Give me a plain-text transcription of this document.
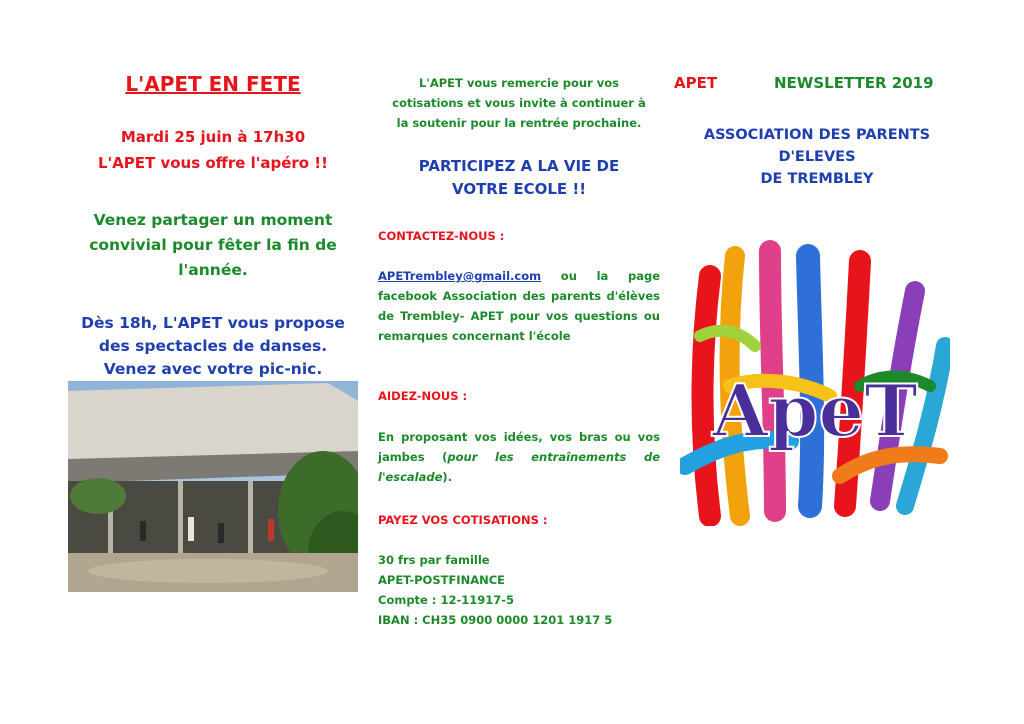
L'APET EN FETE
Mardi 25 juin à 17h30
L'APET vous offre l'apéro !!
Venez partager un moment
convivial pour fêter la fin de
l'année.
Dès 18h, L'APET vous propose
des spectacles de danses.
Venez avec votre pic-nic.
L'APET vous remercie pour vos
cotisations et vous invite à continuer à
la soutenir pour la rentrée prochaine.
PARTICIPEZ A LA VIE DE
VOTRE ECOLE !!
CONTACTEZ-NOUS :
APETrembley@gmail.com ou la page facebook Association des parents d'élèves de Trembley- APET pour vos questions ou remarques concernant l'école
AIDEZ-NOUS :
En proposant vos idées, vos bras ou vos jambes (pour les entraînements de l'escalade).
PAYEZ VOS COTISATIONS :
30 frs par famille
APET-POSTFINANCE
Compte : 12-11917-5
IBAN : CH35 0900 0000 1201 1917 5
APET	NEWSLETTER 2019
ASSOCIATION DES PARENTS
D'ELEVES
DE TREMBLEY
ApeT
